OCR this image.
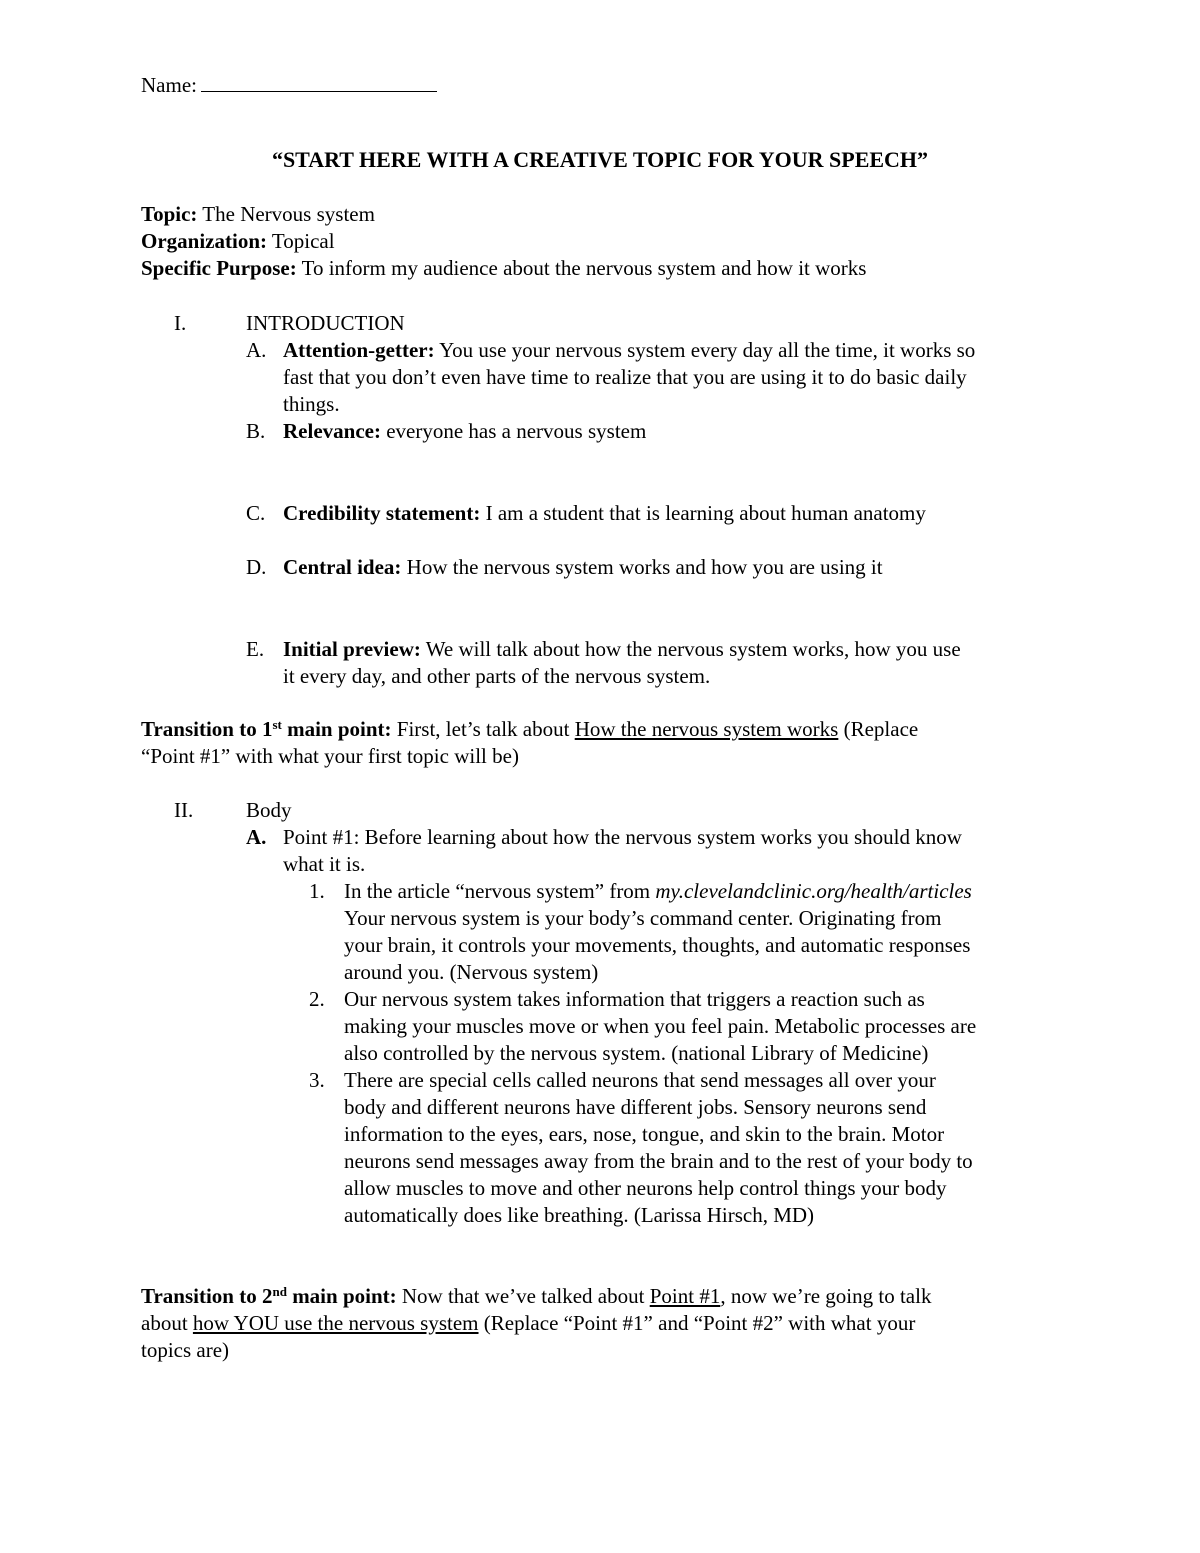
Name:
“START HERE WITH A CREATIVE TOPIC FOR YOUR SPEECH”
Topic: The Nervous system
Organization: Topical
Specific Purpose: To inform my audience about the nervous system and how it works
I.	INTRODUCTION
A. Attention-getter: You use your nervous system every day all the time, it works so
fast that you don’t even have time to realize that you are using it to do basic daily
things.
B. Relevance: everyone has a nervous system
C. Credibility statement: I am a student that is learning about human anatomy
D. Central idea: How the nervous system works and how you are using it
E. Initial preview: We will talk about how the nervous system works, how you use
it every day, and other parts of the nervous system.
Transition to 1st main point: First, let’s talk about How the nervous system works (Replace
“Point #1” with what your first topic will be)
II.	Body
A. Point #1: Before learning about how the nervous system works you should know
what it is.
1. In the article “nervous system” from my.clevelandclinic.org/health/articles
Your nervous system is your body’s command center. Originating from
your brain, it controls your movements, thoughts, and automatic responses
around you. (Nervous system)
2. Our nervous system takes information that triggers a reaction such as
making your muscles move or when you feel pain. Metabolic processes are
also controlled by the nervous system. (national Library of Medicine)
3. There are special cells called neurons that send messages all over your
body and different neurons have different jobs. Sensory neurons send
information to the eyes, ears, nose, tongue, and skin to the brain. Motor
neurons send messages away from the brain and to the rest of your body to
allow muscles to move and other neurons help control things your body
automatically does like breathing. (Larissa Hirsch, MD)
Transition to 2nd main point: Now that we’ve talked about Point #1, now we’re going to talk
about how YOU use the nervous system (Replace “Point #1” and “Point #2” with what your
topics are)
